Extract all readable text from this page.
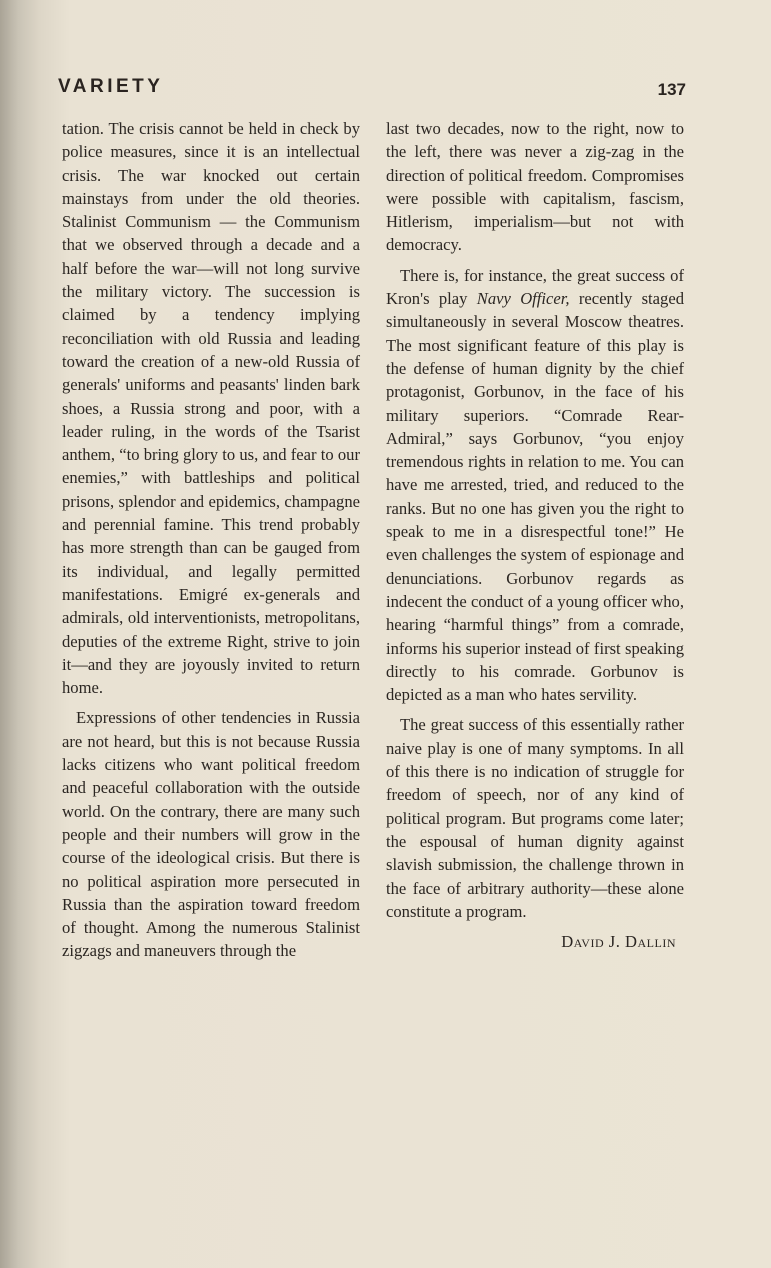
VARIETY	137

tation. The crisis cannot be held in check by police measures, since it is an intellectual crisis. The war knocked out certain mainstays from under the old theories. Stalinist Communism — the Communism that we observed through a decade and a half before the war—will not long survive the military victory. The succession is claimed by a tendency implying reconciliation with old Russia and leading toward the creation of a new-old Russia of generals' uniforms and peasants' linden bark shoes, a Russia strong and poor, with a leader ruling, in the words of the Tsarist anthem, “to bring glory to us, and fear to our enemies,” with battleships and political prisons, splendor and epidemics, champagne and perennial famine. This trend probably has more strength than can be gauged from its individual, and legally permitted manifestations. Emigré ex-generals and admirals, old interventionists, metropolitans, deputies of the extreme Right, strive to join it—and they are joyously invited to return home.

Expressions of other tendencies in Russia are not heard, but this is not because Russia lacks citizens who want political freedom and peaceful collaboration with the outside world. On the contrary, there are many such people and their numbers will grow in the course of the ideological crisis. But there is no political aspiration more persecuted in Russia than the aspiration toward freedom of thought. Among the numerous Stalinist zigzags and maneuvers through the

last two decades, now to the right, now to the left, there was never a zig-zag in the direction of political freedom. Compromises were possible with capitalism, fascism, Hitlerism, imperialism—but not with democracy.

There is, for instance, the great success of Kron's play Navy Officer, recently staged simultaneously in several Moscow theatres. The most significant feature of this play is the defense of human dignity by the chief protagonist, Gorbunov, in the face of his military superiors. “Comrade Rear-Admiral,” says Gorbunov, “you enjoy tremendous rights in relation to me. You can have me arrested, tried, and reduced to the ranks. But no one has given you the right to speak to me in a disrespectful tone!” He even challenges the system of espionage and denunciations. Gorbunov regards as indecent the conduct of a young officer who, hearing “harmful things” from a comrade, informs his superior instead of first speaking directly to his comrade. Gorbunov is depicted as a man who hates servility.

The great success of this essentially rather naive play is one of many symptoms. In all of this there is no indication of struggle for freedom of speech, nor of any kind of political program. But programs come later; the espousal of human dignity against slavish submission, the challenge thrown in the face of arbitrary authority—these alone constitute a program.

David J. Dallin
